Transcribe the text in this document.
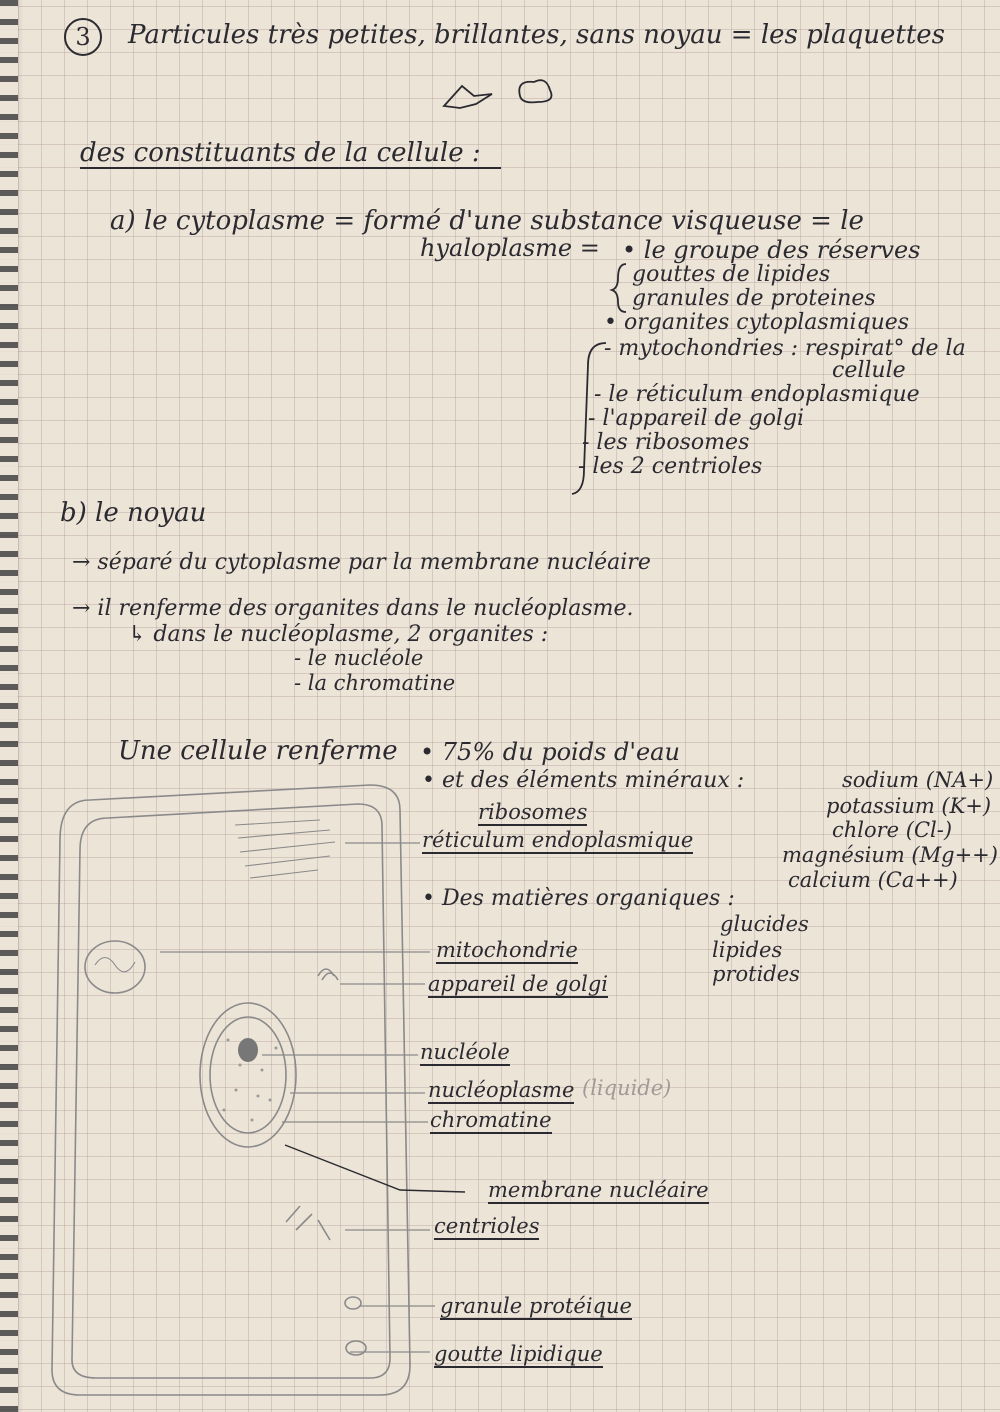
3	Particules très petites, brillantes, sans noyau = les plaquettes
des constituants de la cellule :
a) le cytoplasme = formé d'une substance visqueuse = le
hyaloplasme = • le groupe des réserves
gouttes de lipides
granules de proteines
• organites cytoplasmiques
- mytochondries : respirat° de la
cellule
- le réticulum endoplasmique
- l'appareil de golgi
- les ribosomes
- les 2 centrioles
b) le noyau
→ séparé du cytoplasme par la membrane nucléaire
→ il renferme des organites dans le nucléoplasme.
↳ dans le nucléoplasme, 2 organites :
- le nucléole
- la chromatine
Une cellule renferme • 75% du poids d'eau
• et des éléments minéraux :	sodium (NA+)
potassium (K+)
chlore (Cl-)
magnésium (Mg++)
calcium (Ca++)
• Des matières organiques :
glucides
lipides
protides
ribosomes
réticulum endoplasmique
mitochondrie
appareil de golgi
nucléole
nucléoplasme (liquide)
chromatine
membrane nucléaire
centrioles
granule protéique
goutte lipidique
